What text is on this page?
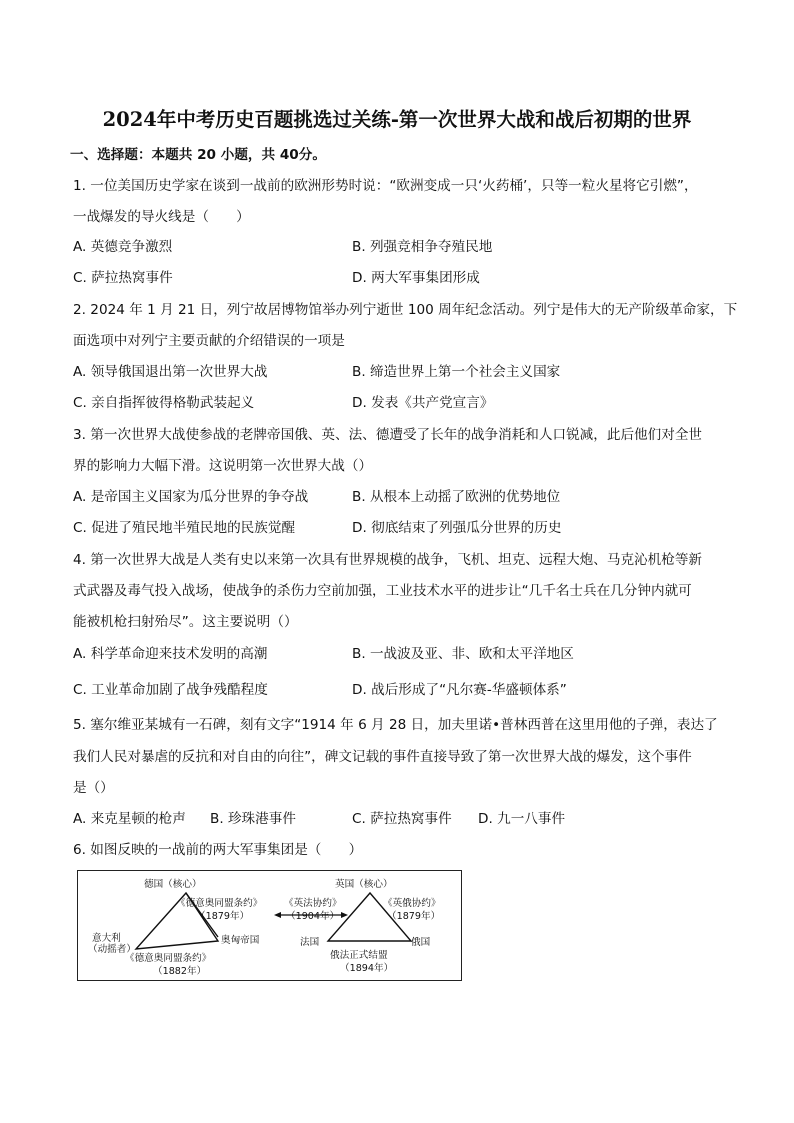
2024年中考历史百题挑选过关练-第一次世界大战和战后初期的世界
一、选择题：本题共 20 小题，共 40分。
1. 一位美国历史学家在谈到一战前的欧洲形势时说：“欧洲变成一只‘火药桶’，只等一粒火星将它引燃”，
一战爆发的导火线是（　　）
A. 英德竞争激烈	B. 列强竞相争夺殖民地
C. 萨拉热窝事件	D. 两大军事集团形成
2. 2024 年 1 月 21 日，列宁故居博物馆举办列宁逝世 100 周年纪念活动。列宁是伟大的无产阶级革命家，下
面选项中对列宁主要贡献的介绍错误的一项是
A. 领导俄国退出第一次世界大战	B. 缔造世界上第一个社会主义国家
C. 亲自指挥彼得格勒武装起义	D. 发表《共产党宣言》
3. 第一次世界大战使参战的老牌帝国俄、英、法、德遭受了长年的战争消耗和人口锐减，此后他们对全世
界的影响力大幅下滑。这说明第一次世界大战（）
A. 是帝国主义国家为瓜分世界的争夺战	B. 从根本上动摇了欧洲的优势地位
C. 促进了殖民地半殖民地的民族觉醒	D. 彻底结束了列强瓜分世界的历史
4. 第一次世界大战是人类有史以来第一次具有世界规模的战争，飞机、坦克、远程大炮、马克沁机枪等新
式武器及毒气投入战场，使战争的杀伤力空前加强，工业技术水平的进步让“几千名士兵在几分钟内就可
能被机枪扫射殆尽”。这主要说明（）
A. 科学革命迎来技术发明的高潮	B. 一战波及亚、非、欧和太平洋地区
C. 工业革命加剧了战争残酷程度	D. 战后形成了“凡尔赛-华盛顿体系”
5. 塞尔维亚某城有一石碑，刻有文字“1914 年 6 月 28 日，加夫里诺•普林西普在这里用他的子弹，表达了
我们人民对暴虐的反抗和对自由的向往”，碑文记载的事件直接导致了第一次世界大战的爆发，这个事件
是（）
A. 来克星顿的枪声 B. 珍珠港事件	C. 萨拉热窝事件 D. 九一八事件
6. 如图反映的一战前的两大军事集团是（　　）
德国（核心）
《德意奥同盟条约》
（1879年）
意大利
（动摇者）
奥匈帝国
《德意奥同盟条约》
（1882年）
《英法协约》
（1904年）
英国（核心）
《英俄协约》
（1879年）
法国	俄国
俄法正式结盟
（1894年）
